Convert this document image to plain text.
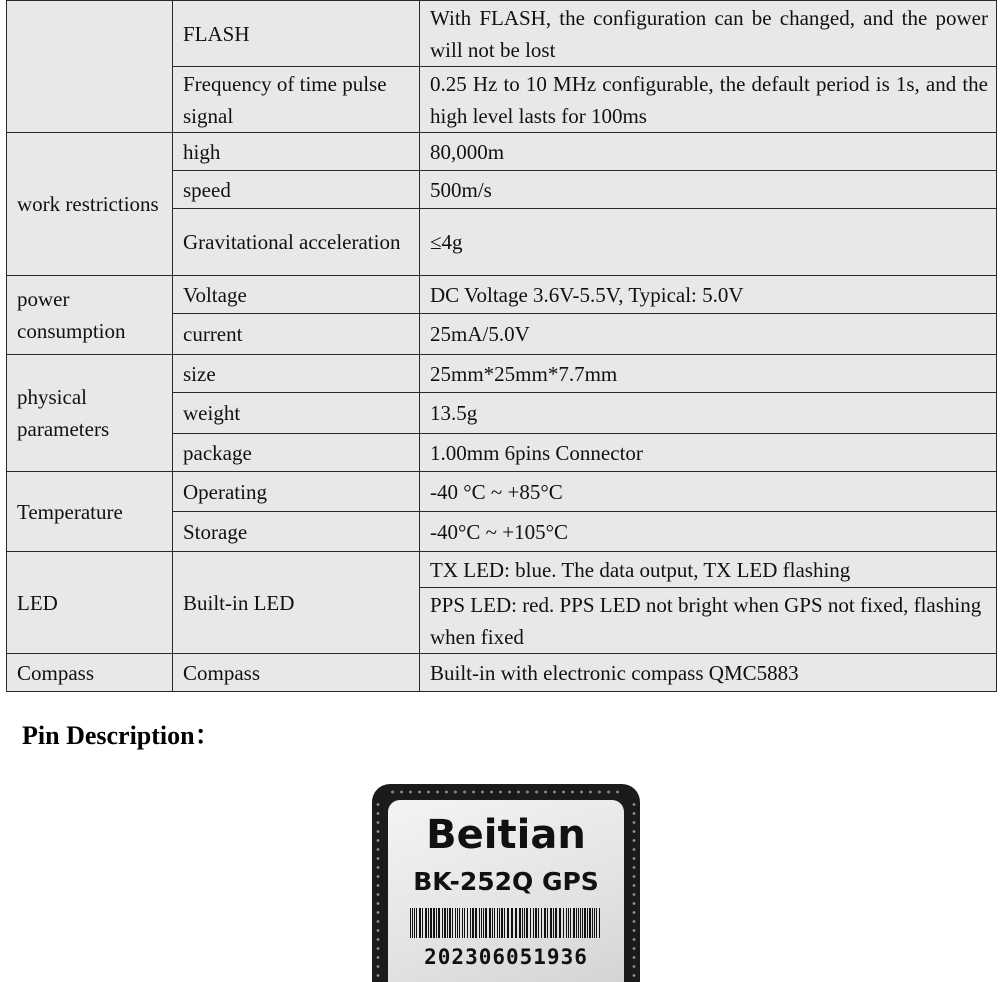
	FLASH	With FLASH, the configuration can be changed, and the power will not be lost
	Frequency of time pulse signal	0.25 Hz to 10 MHz configurable, the default period is 1s, and the high level lasts for 100ms
work restrictions	high	80,000m
	speed	500m/s
	Gravitational acceleration	≤4g
power consumption	Voltage	DC Voltage 3.6V-5.5V, Typical: 5.0V
	current	25mA/5.0V
physical parameters	size	25mm*25mm*7.7mm
	weight	13.5g
	package	1.00mm 6pins Connector
Temperature	Operating	-40 °C ~ +85°C
	Storage	-40°C ~ +105°C
LED	Built-in LED	TX LED: blue. The data output, TX LED flashing
		PPS LED: red. PPS LED not bright when GPS not fixed, flashing when fixed
Compass	Compass	Built-in with electronic compass QMC5883
Pin Description：
Beitian
BK-252Q GPS
202306051936
